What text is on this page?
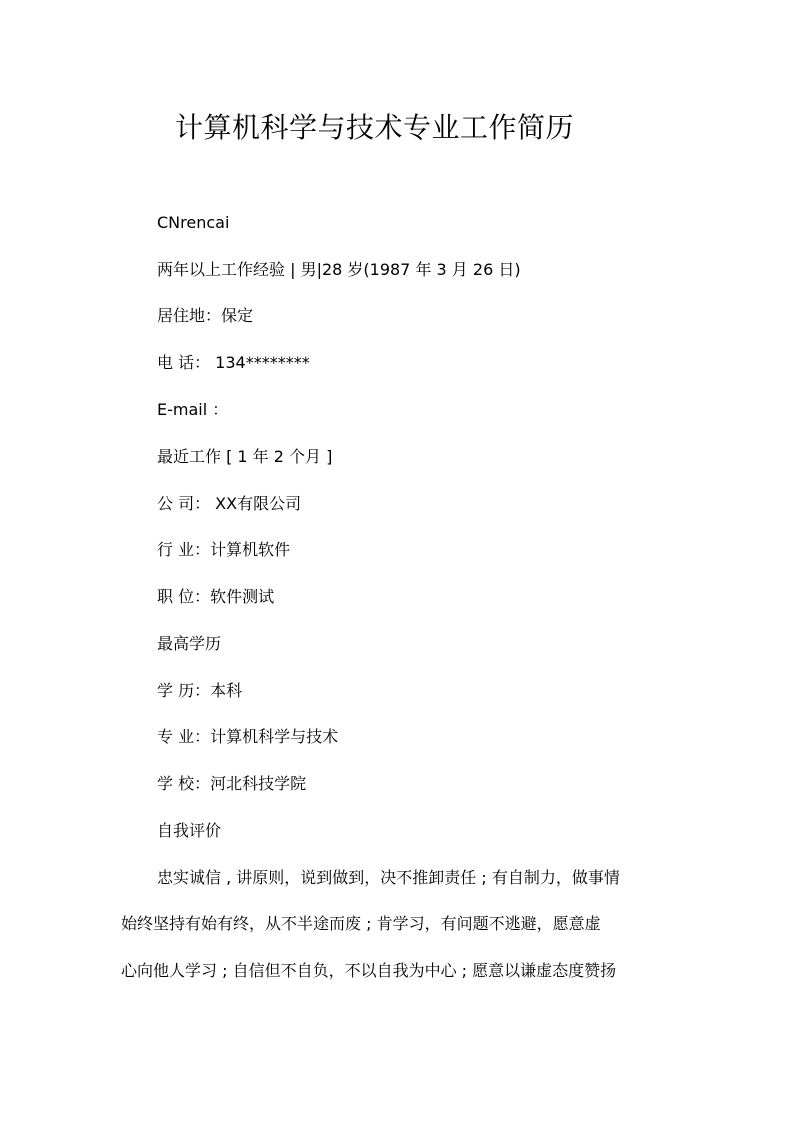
计算机科学与技术专业工作简历

CNrencai

两年以上工作经验 | 男|28 岁(1987 年 3 月 26 日)

居住地：保定

电 话： 134********

E-mail ：

最近工作 [ 1 年 2 个月 ]

公 司： XX有限公司

行 业：计算机软件

职 位：软件测试

最高学历

学 历：本科

专 业：计算机科学与技术

学 校：河北科技学院

自我评价

忠实诚信 , 讲原则，说到做到，决不推卸责任 ; 有自制力，做事情

始终坚持有始有终，从不半途而废 ; 肯学习，有问题不逃避，愿意虚

心向他人学习 ; 自信但不自负，不以自我为中心 ; 愿意以谦虚态度赞扬
